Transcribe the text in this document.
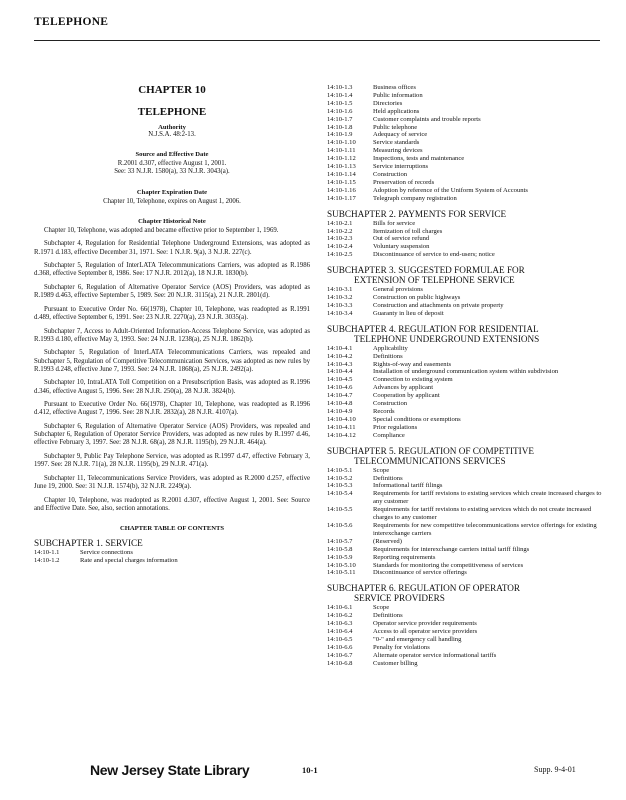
TELEPHONE

CHAPTER 10

TELEPHONE

Authority

N.J.S.A. 48:2-13.

Source and Effective Date

R.2001 d.307, effective August 1, 2001.

See: 33 N.J.R. 1580(a), 33 N.J.R. 3043(a).

Chapter Expiration Date

Chapter 10, Telephone, expires on August 1, 2006.

Chapter Historical Note

Chapter 10, Telephone, was adopted and became effective prior to September 1, 1969.

Subchapter 4, Regulation for Residential Telephone Underground Extensions, was adopted as R.1971 d.183, effective December 31, 1971. See: 1 N.J.R. 9(a), 3 N.J.R. 227(c).

Subchapter 5, Regulation of InterLATA Telecommunications Carriers, was adopted as R.1986 d.368, effective September 8, 1986. See: 17 N.J.R. 2012(a), 18 N.J.R. 1830(b).

Subchapter 6, Regulation of Alternative Operator Service (AOS) Providers, was adopted as R.1989 d.463, effective September 5, 1989. See: 20 N.J.R. 3115(a), 21 N.J.R. 2801(d).

Pursuant to Executive Order No. 66(1978), Chapter 10, Telephone, was readopted as R.1991 d.489, effective September 6, 1991. See: 23 N.J.R. 2270(a), 23 N.J.R. 3035(a).

Subchapter 7, Access to Adult-Oriented Information-Access Telephone Service, was adopted as R.1993 d.180, effective May 3, 1993. See: 24 N.J.R. 1238(a), 25 N.J.R. 1862(b).

Subchapter 5, Regulation of InterLATA Telecommunications Carriers, was repealed and Subchapter 5, Regulation of Competitive Telecommunication Services, was adopted as new rules by R.1993 d.248, effective June 7, 1993. See: 24 N.J.R. 1868(a), 25 N.J.R. 2492(a).

Subchapter 10, IntraLATA Toll Competition on a Presubscription Basis, was adopted as R.1996 d.346, effective August 5, 1996. See: 28 N.J.R. 250(a), 28 N.J.R. 3824(b).

Pursuant to Executive Order No. 66(1978), Chapter 10, Telephone, was readopted as R.1996 d.412, effective August 7, 1996. See: 28 N.J.R. 2832(a), 28 N.J.R. 4107(a).

Subchapter 6, Regulation of Alternative Operator Service (AOS) Providers, was repealed and Subchapter 6, Regulation of Operator Service Providers, was adopted as new rules by R.1997 d.46, effective February 3, 1997. See: 28 N.J.R. 68(a), 28 N.J.R. 1195(b), 29 N.J.R. 464(a).

Subchapter 9, Public Pay Telephone Service, was adopted as R.1997 d.47, effective February 3, 1997. See: 28 N.J.R. 71(a), 28 N.J.R. 1195(b), 29 N.J.R. 471(a).

Subchapter 11, Telecommunications Service Providers, was adopted as R.2000 d.257, effective June 19, 2000. See: 31 N.J.R. 1574(b), 32 N.J.R. 2249(a).

Chapter 10, Telephone, was readopted as R.2001 d.307, effective August 1, 2001. See: Source and Effective Date. See, also, section annotations.

CHAPTER TABLE OF CONTENTS

SUBCHAPTER 1. SERVICE
14:10-1.1	Service connections
14:10-1.2	Rate and special charges information
14:10-1.3	Business offices
14:10-1.4	Public information
14:10-1.5	Directories
14:10-1.6	Held applications
14:10-1.7	Customer complaints and trouble reports
14:10-1.8	Public telephone
14:10-1.9	Adequacy of service
14:10-1.10	Service standards
14:10-1.11	Measuring devices
14:10-1.12	Inspections, tests and maintenance
14:10-1.13	Service interruptions
14:10-1.14	Construction
14:10-1.15	Preservation of records
14:10-1.16	Adoption by reference of the Uniform System of Accounts
14:10-1.17	Telegraph company registration
SUBCHAPTER 2. PAYMENTS FOR SERVICE
14:10-2.1	Bills for service
14:10-2.2	Itemization of toll charges
14:10-2.3	Out of service refund
14:10-2.4	Voluntary suspension
14:10-2.5	Discontinuance of service to end-users; notice
SUBCHAPTER 3. SUGGESTED FORMULAE FOR
EXTENSION OF TELEPHONE SERVICE
14:10-3.1	General provisions
14:10-3.2	Construction on public highways
14:10-3.3	Construction and attachments on private property
14:10-3.4	Guaranty in lieu of deposit
SUBCHAPTER 4. REGULATION FOR RESIDENTIAL
TELEPHONE UNDERGROUND EXTENSIONS
14:10-4.1	Applicability
14:10-4.2	Definitions
14:10-4.3	Rights-of-way and easements
14:10-4.4	Installation of underground communication system within subdivision
14:10-4.5	Connection to existing system
14:10-4.6	Advances by applicant
14:10-4.7	Cooperation by applicant
14:10-4.8	Construction
14:10-4.9	Records
14:10-4.10	Special conditions or exemptions
14:10-4.11	Prior regulations
14:10-4.12	Compliance
SUBCHAPTER 5. REGULATION OF COMPETITIVE
TELECOMMUNICATIONS SERVICES
14:10-5.1	Scope
14:10-5.2	Definitions
14:10-5.3	Informational tariff filings
14:10-5.4	Requirements for tariff revisions to existing services which create increased charges to any customer
14:10-5.5	Requirements for tariff revisions to existing services which do not create increased charges to any customer
14:10-5.6	Requirements for new competitive telecommunications service offerings for existing interexchange carriers
14:10-5.7	(Reserved)
14:10-5.8	Requirements for interexchange carriers initial tariff filings
14:10-5.9	Reporting requirements
14:10-5.10	Standards for monitoring the competitiveness of services
14:10-5.11	Discontinuance of service offerings
SUBCHAPTER 6. REGULATION OF OPERATOR
SERVICE PROVIDERS
14:10-6.1	Scope
14:10-6.2	Definitions
14:10-6.3	Operator service provider requirements
14:10-6.4	Access to all operator service providers
14:10-6.5	"0-" and emergency call handling
14:10-6.6	Penalty for violations
14:10-6.7	Alternate operator service informational tariffs
14:10-6.8	Customer billing
New Jersey State Library	10-1	Supp. 9-4-01
